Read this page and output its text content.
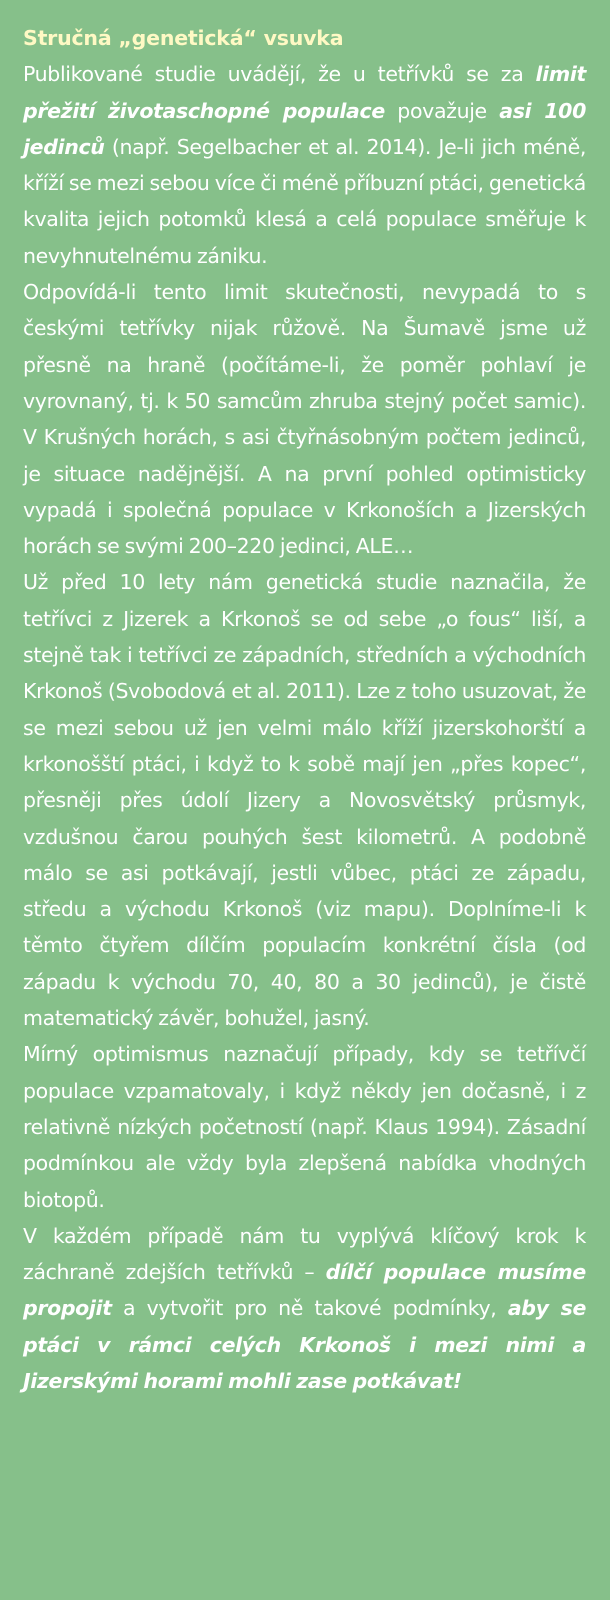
Stručná „genetická“ vsuvka

Publikované studie uvádějí, že u tetřívků se za limit přežití životaschopné populace považuje asi 100 jedinců (např. Segelbacher et al. 2014). Je-li jich méně, kříží se mezi sebou více či méně příbuzní ptáci, genetická kvalita jejich potomků klesá a celá populace směřuje k nevyhnutelnému zániku.

Odpovídá-li tento limit skutečnosti, nevypadá to s českými tetřívky nijak růžově. Na Šumavě jsme už přesně na hraně (počítáme-li, že poměr pohlaví je vyrovnaný, tj. k 50 samcům zhruba stejný počet samic). V Krušných horách, s asi čtyřnásobným počtem jedinců, je situace nadějnější. A na první pohled optimisticky vypadá i společná populace v Krkonoších a Jizerských horách se svými 200–220 jedinci, ALE…

Už před 10 lety nám genetická studie naznačila, že tetřívci z Jizerek a Krkonoš se od sebe „o fous“ liší, a stejně tak i tetřívci ze západních, středních a východních Krkonoš (Svobodová et al. 2011). Lze z toho usuzovat, že se mezi sebou už jen velmi málo kříží jizerskohorští a krkonošští ptáci, i když to k sobě mají jen „přes kopec“, přesněji přes údolí Jizery a Novosvětský průsmyk, vzdušnou čarou pouhých šest kilometrů. A podobně málo se asi potkávají, jestli vůbec, ptáci ze západu, středu a východu Krkonoš (viz mapu). Doplníme-li k těmto čtyřem dílčím populacím konkrétní čísla (od západu k východu 70, 40, 80 a 30 jedinců), je čistě matematický závěr, bohužel, jasný.

Mírný optimismus naznačují případy, kdy se tetřívčí populace vzpamatovaly, i když někdy jen dočasně, i z relativně nízkých početností (např. Klaus 1994). Zásadní podmínkou ale vždy byla zlepšená nabídka vhodných biotopů.

V každém případě nám tu vyplývá klíčový krok k záchraně zdejších tetřívků – dílčí populace musíme propojit a vytvořit pro ně takové podmínky, aby se ptáci v rámci celých Krkonoš i mezi nimi a Jizerskými horami mohli zase potkávat!
